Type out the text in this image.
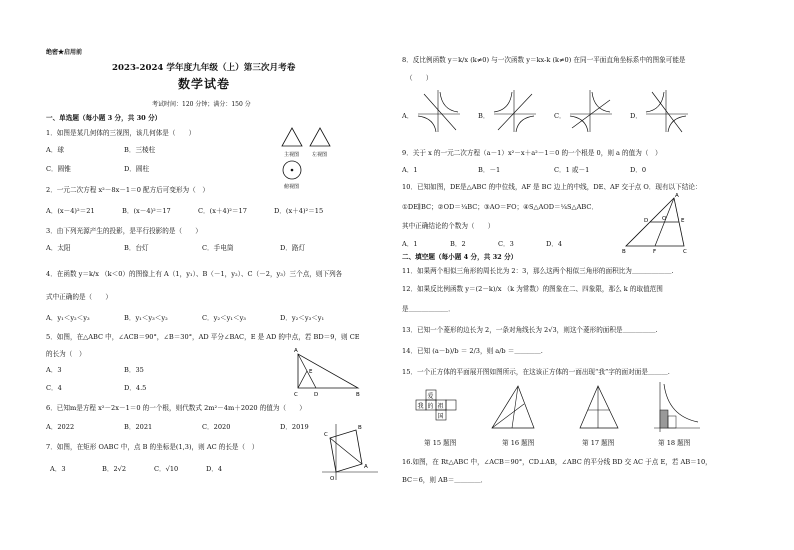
绝密★启用前
2023-2024 学年度九年级（上）第三次月考卷
数学试卷
考试时间：120 分钟；满分：150 分
一、单选题（每小题 3 分，共 30 分）
1．如图是某几何体的三视图，该几何体是（　　）
A．球	B．三棱柱
C．圆锥	D．圆柱
主视图	左视图
俯视图
2．一元二次方程 x²－8x－1＝0 配方后可变形为（　）
A．(x－4)²＝21	B．(x－4)²＝17	C．(x＋4)²＝17	D．(x＋4)²＝15
3．由下列光源产生的投影，是平行投影的是（　　）
A．太阳	B．台灯	C．手电筒	D．路灯
4．在函数 y＝k/x （k＜0）的图像上有 A（1，y₁）、B（－1，y₂）、C（－2，y₃）三个点，则下列各
式中正确的是（　　）
A．y₁＜y₂＜y₃	B．y₁＜y₃＜y₂	C．y₂＜y₁＜y₃	D．y₂＜y₃＜y₁
5．如图，在△ABC 中，∠ACB＝90°，∠B＝30°，AD 平分∠BAC，E 是 AD 的中点，若 BD＝9，则 CE
的长为（　）
A．3	B．35
C．4	D．4.5
A
E
C	D	B
6．已知m是方程 x²－2x－1＝0 的一个根，则代数式 2m²－4m＋2020 的值为（　　）
A．2022	B．2021	C．2020	D．2019
7．如图，在矩形 OABC 中，点 B 的坐标是(1,3)，则 AC 的长是（　）
A．3	B．2√2	C．√10	D．4
C
B
A
O
8．反比例函数 y＝k/x (k≠0) 与一次函数 y＝kx-k (k≠0) 在同一平面直角坐标系中的图象可能是
（　　）
A．	B．	C．	D．
9．关于 x 的一元二次方程（a－1）x²－x＋a²－1＝0 的一个根是 0，则 a 的值为（　）
A．1	B．－1	C．1 或－1	D．0
10．已知如图，DE是△ABC 的中位线，AF 是 BC 边上的中线，DE、AF 交于点 O．现有以下结论：
①DE∥BC；②OD＝¼BC；③AO＝FO；④S△AOD＝¼S△ABC．
其中正确结论的个数为（　　）
A．1	B．2	C．3	D．4
A
D	O	E
B	F	C
二、填空题（每小题 4 分，共 32 分）
11．如果两个相似三角形的周长比为 2：3，那么这两个相似三角形的面积比为＿＿＿＿＿＿.
12．如果反比例函数 y＝(2－k)/x （k 为常数）的图象在二、四象限，那么 k 的取值范围
是＿＿＿＿＿＿．
13．已知一个菱形的边长为 2，一条对角线长为 2√3，则这个菱形的面积是＿＿＿＿＿.
14．已知 (a－b)/b ＝ 2/3，则 a/b ＝＿＿＿＿.
15．一个正方体的平面展开图如图所示，在这该正方体的一面出现“我”字的面对面是＿＿＿.
爱
我 的 祖
国
第 15 题图	第 16 题图	第 17 题图	第 18 题图
16.如图，在 Rt△ABC 中，∠ACB＝90°，CD⊥AB，∠ABC 的平分线 BD 交 AC 于点 E，若 AB＝10，
BC＝6，则 AB＝＿＿＿＿．
